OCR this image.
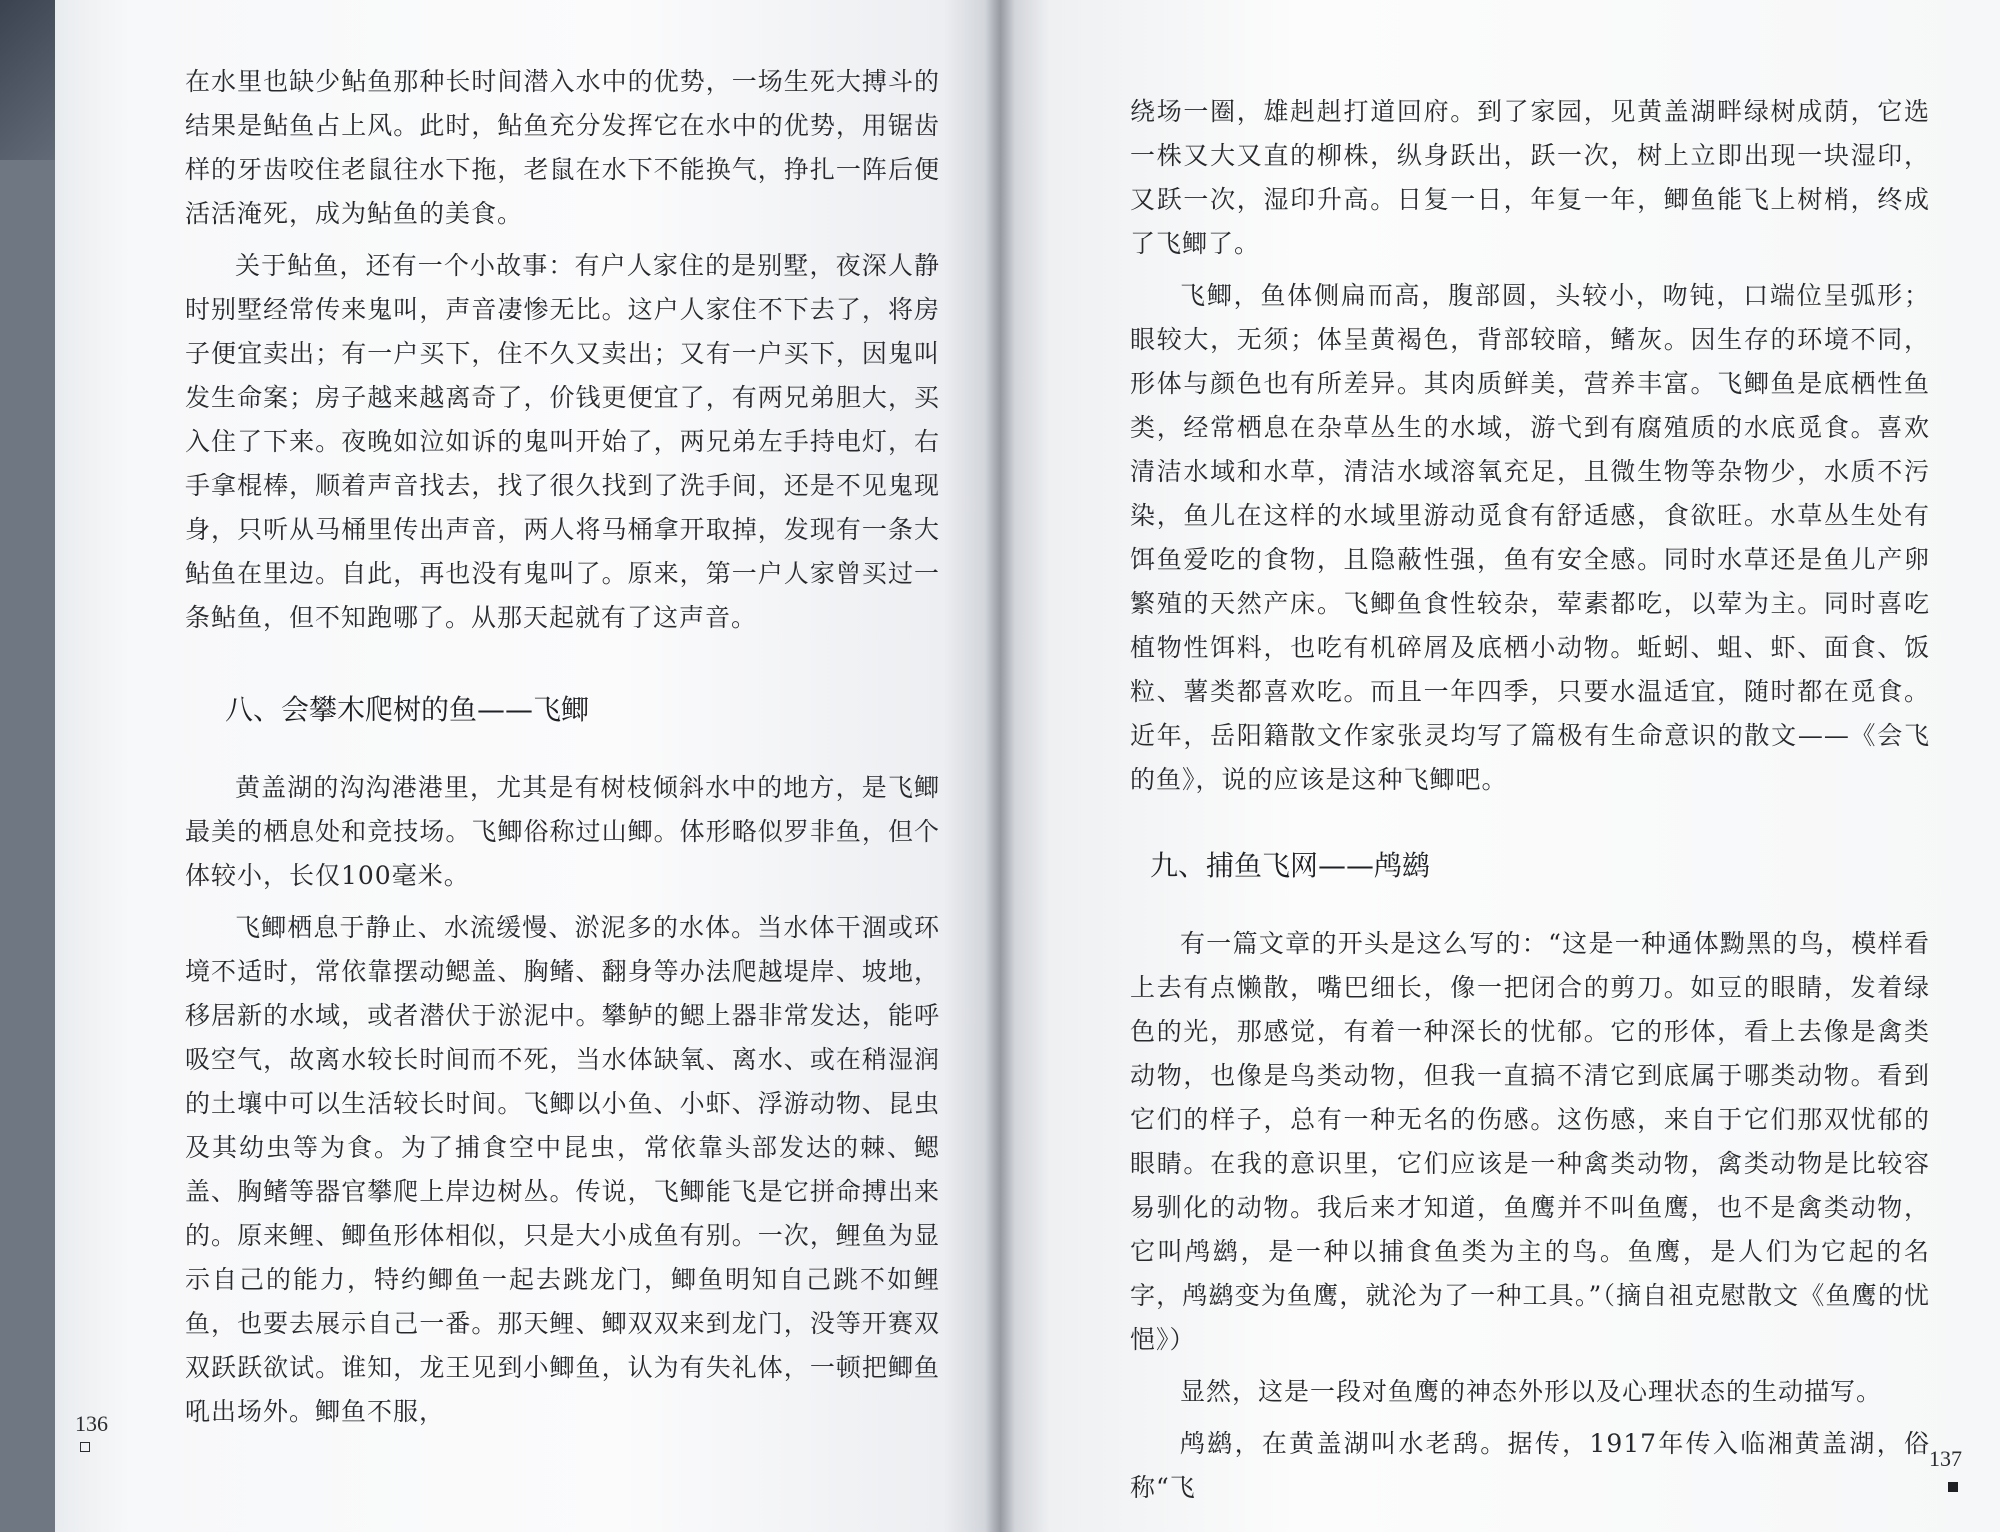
在水里也缺少鲇鱼那种长时间潜入水中的优势，一场生死大搏斗的结果是鲇鱼占上风。此时，鲇鱼充分发挥它在水中的优势，用锯齿样的牙齿咬住老鼠往水下拖，老鼠在水下不能换气，挣扎一阵后便活活淹死，成为鲇鱼的美食。

关于鲇鱼，还有一个小故事：有户人家住的是别墅，夜深人静时别墅经常传来鬼叫，声音凄惨无比。这户人家住不下去了，将房子便宜卖出；有一户买下，住不久又卖出；又有一户买下，因鬼叫发生命案；房子越来越离奇了，价钱更便宜了，有两兄弟胆大，买入住了下来。夜晚如泣如诉的鬼叫开始了，两兄弟左手持电灯，右手拿棍棒，顺着声音找去，找了很久找到了洗手间，还是不见鬼现身，只听从马桶里传出声音，两人将马桶拿开取掉，发现有一条大鲇鱼在里边。自此，再也没有鬼叫了。原来，第一户人家曾买过一条鲇鱼，但不知跑哪了。从那天起就有了这声音。

八、会攀木爬树的鱼——飞鲫

黄盖湖的沟沟港港里，尤其是有树枝倾斜水中的地方，是飞鲫最美的栖息处和竞技场。飞鲫俗称过山鲫。体形略似罗非鱼，但个体较小，长仅100毫米。

飞鲫栖息于静止、水流缓慢、淤泥多的水体。当水体干涸或环境不适时，常依靠摆动鳃盖、胸鳍、翻身等办法爬越堤岸、坡地，移居新的水域，或者潜伏于淤泥中。攀鲈的鳃上器非常发达，能呼吸空气，故离水较长时间而不死，当水体缺氧、离水、或在稍湿润的土壤中可以生活较长时间。飞鲫以小鱼、小虾、浮游动物、昆虫及其幼虫等为食。为了捕食空中昆虫，常依靠头部发达的棘、鳃盖、胸鳍等器官攀爬上岸边树丛。传说，飞鲫能飞是它拼命搏出来的。原来鲤、鲫鱼形体相似，只是大小成鱼有别。一次，鲤鱼为显示自己的能力，特约鲫鱼一起去跳龙门，鲫鱼明知自己跳不如鲤鱼，也要去展示自己一番。那天鲤、鲫双双来到龙门，没等开赛双双跃跃欲试。谁知，龙王见到小鲫鱼，认为有失礼体，一顿把鲫鱼吼出场外。鲫鱼不服，

绕场一圈，雄赳赳打道回府。到了家园，见黄盖湖畔绿树成荫，它选一株又大又直的柳株，纵身跃出，跃一次，树上立即出现一块湿印，又跃一次，湿印升高。日复一日，年复一年，鲫鱼能飞上树梢，终成了飞鲫了。

飞鲫，鱼体侧扁而高，腹部圆，头较小，吻钝，口端位呈弧形；眼较大，无须；体呈黄褐色，背部较暗，鳍灰。因生存的环境不同，形体与颜色也有所差异。其肉质鲜美，营养丰富。飞鲫鱼是底栖性鱼类，经常栖息在杂草丛生的水域，游弋到有腐殖质的水底觅食。喜欢清洁水域和水草，清洁水域溶氧充足，且微生物等杂物少，水质不污染，鱼儿在这样的水域里游动觅食有舒适感，食欲旺。水草丛生处有饵鱼爱吃的食物，且隐蔽性强，鱼有安全感。同时水草还是鱼儿产卵繁殖的天然产床。飞鲫鱼食性较杂，荤素都吃，以荤为主。同时喜吃植物性饵料，也吃有机碎屑及底栖小动物。蚯蚓、蛆、虾、面食、饭粒、薯类都喜欢吃。而且一年四季，只要水温适宜，随时都在觅食。近年，岳阳籍散文作家张灵均写了篇极有生命意识的散文——《会飞的鱼》，说的应该是这种飞鲫吧。

九、捕鱼飞网——鸬鹚

有一篇文章的开头是这么写的：“这是一种通体黝黑的鸟，模样看上去有点懒散，嘴巴细长，像一把闭合的剪刀。如豆的眼睛，发着绿色的光，那感觉，有着一种深长的忧郁。它的形体，看上去像是禽类动物，也像是鸟类动物，但我一直搞不清它到底属于哪类动物。看到它们的样子，总有一种无名的伤感。这伤感，来自于它们那双忧郁的眼睛。在我的意识里，它们应该是一种禽类动物，禽类动物是比较容易驯化的动物。我后来才知道，鱼鹰并不叫鱼鹰，也不是禽类动物，它叫鸬鹚，是一种以捕食鱼类为主的鸟。鱼鹰，是人们为它起的名字，鸬鹚变为鱼鹰，就沦为了一种工具。”（摘自祖克慰散文《鱼鹰的忧悒》）

显然，这是一段对鱼鹰的神态外形以及心理状态的生动描写。

鸬鹚，在黄盖湖叫水老鸹。据传，1917年传入临湘黄盖湖，俗称“飞

136
137
